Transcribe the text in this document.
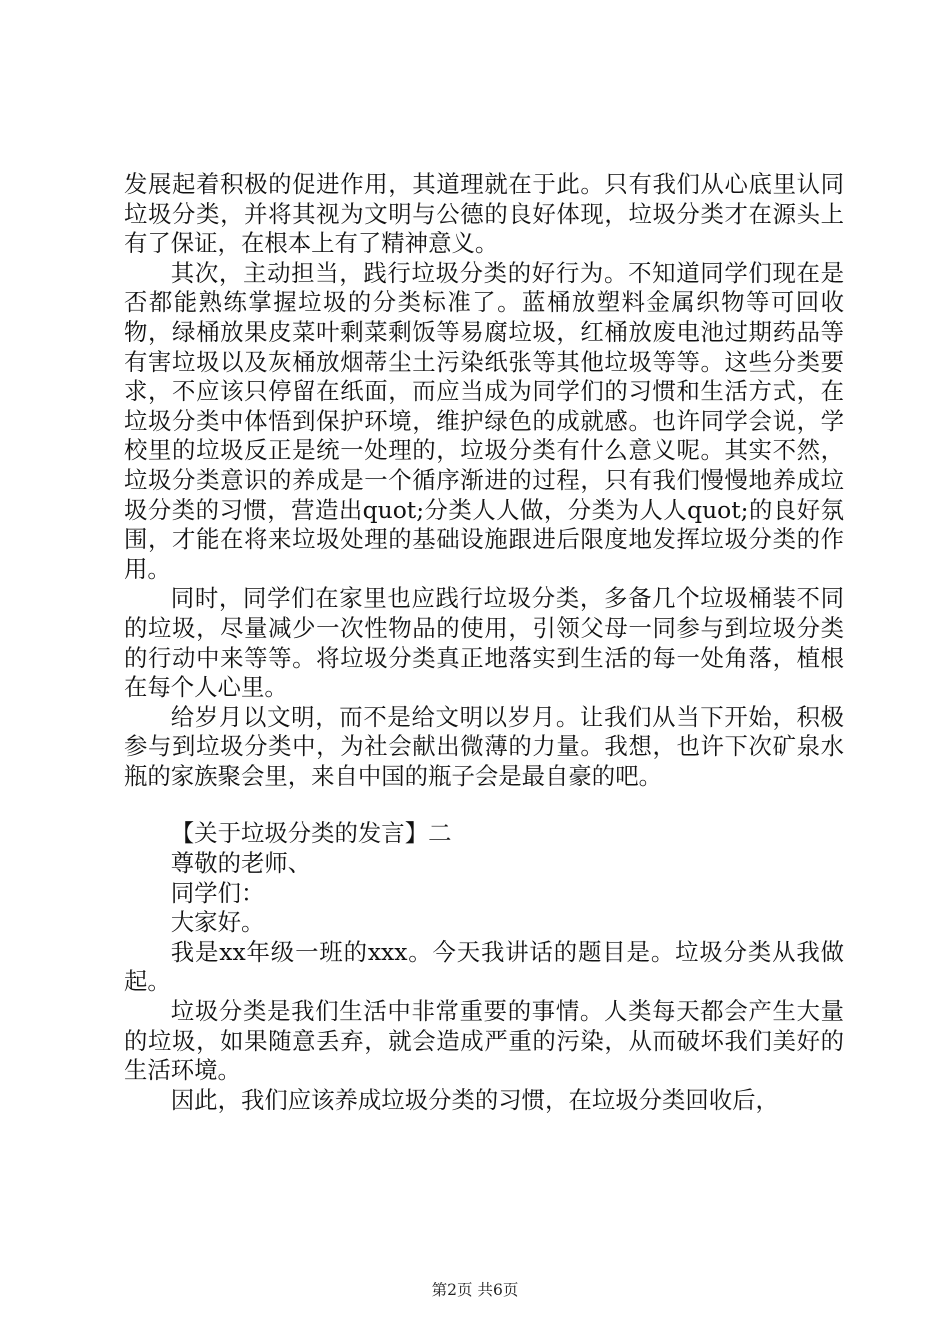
发展起着积极的促进作用，其道理就在于此。只有我们从心底里认同垃圾分类，并将其视为文明与公德的良好体现，垃圾分类才在源头上有了保证，在根本上有了精神意义。

其次，主动担当，践行垃圾分类的好行为。不知道同学们现在是否都能熟练掌握垃圾的分类标准了。蓝桶放塑料金属织物等可回收物，绿桶放果皮菜叶剩菜剩饭等易腐垃圾，红桶放废电池过期药品等有害垃圾以及灰桶放烟蒂尘土污染纸张等其他垃圾等等。这些分类要求，不应该只停留在纸面，而应当成为同学们的习惯和生活方式，在垃圾分类中体悟到保护环境，维护绿色的成就感。也许同学会说，学校里的垃圾反正是统一处理的，垃圾分类有什么意义呢。其实不然，垃圾分类意识的养成是一个循序渐进的过程，只有我们慢慢地养成垃圾分类的习惯，营造出quot;分类人人做，分类为人人quot;的良好氛围，才能在将来垃圾处理的基础设施跟进后限度地发挥垃圾分类的作用。

同时，同学们在家里也应践行垃圾分类，多备几个垃圾桶装不同的垃圾，尽量减少一次性物品的使用，引领父母一同参与到垃圾分类的行动中来等等。将垃圾分类真正地落实到生活的每一处角落，植根在每个人心里。

给岁月以文明，而不是给文明以岁月。让我们从当下开始，积极参与到垃圾分类中，为社会献出微薄的力量。我想，也许下次矿泉水瓶的家族聚会里，来自中国的瓶子会是最自豪的吧。

【关于垃圾分类的发言】二

尊敬的老师、

同学们：

大家好。

我是xx年级一班的xxx。今天我讲话的题目是。垃圾分类从我做起。

垃圾分类是我们生活中非常重要的事情。人类每天都会产生大量的垃圾，如果随意丢弃，就会造成严重的污染，从而破坏我们美好的生活环境。

因此，我们应该养成垃圾分类的习惯，在垃圾分类回收后，

第2页 共6页
